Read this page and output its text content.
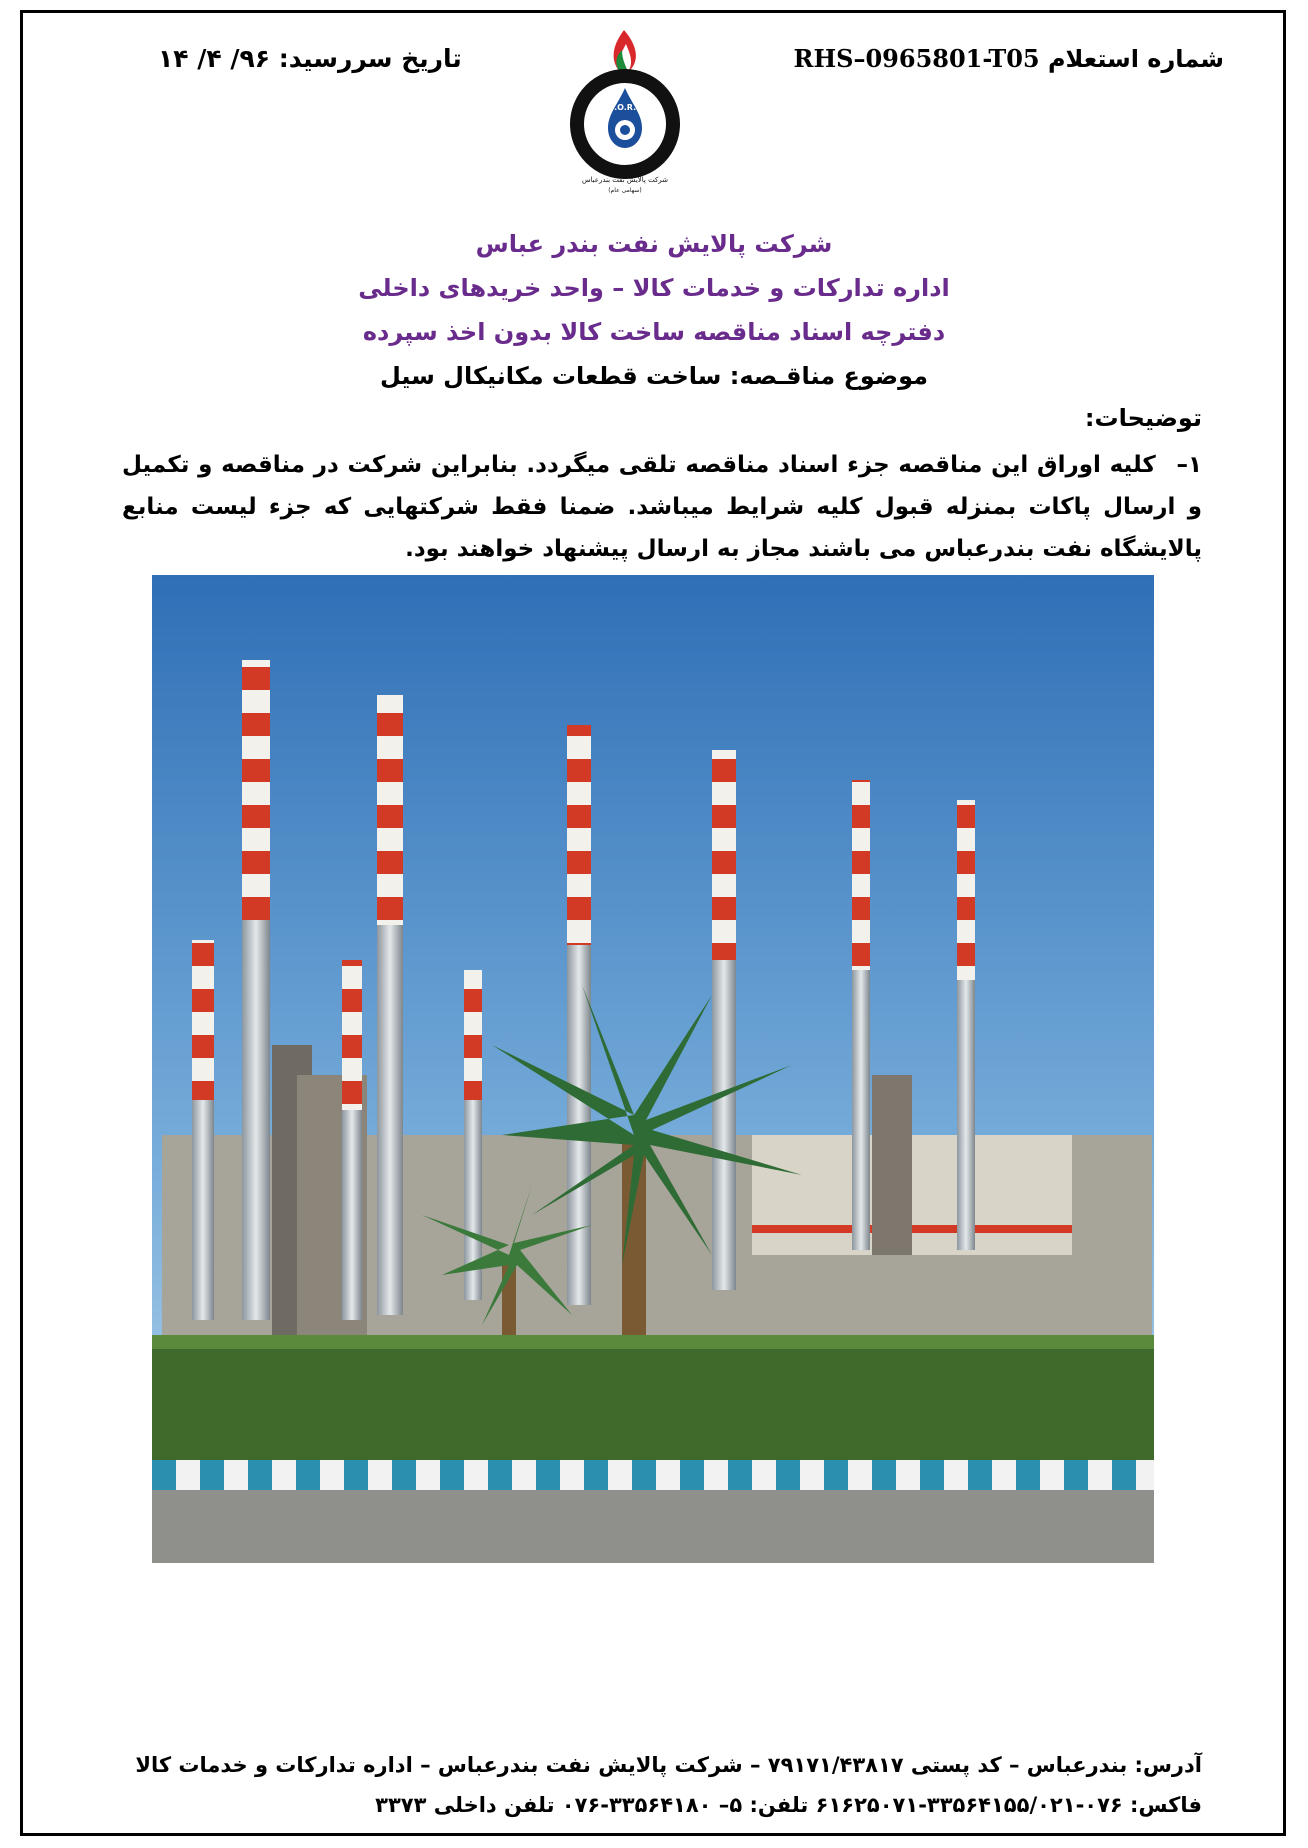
شماره استعلام RHS–0965801-T05
تاریخ سررسید: ۹۶/ ۴/ ۱۴
B.O.R.C
شرکت پالایش نفت بندرعباس
(سهامی عام)
شرکت پالایش نفت بندر عباس
اداره تدارکات و خدمات کالا – واحد خریدهای داخلی
دفترچه اسناد مناقصه ساخت کالا بدون اخذ سپرده
موضوع مناقـصه: ساخت قطعات مکانیکال سیل
توضیحات:
۱– کلیه اوراق این مناقصه جزء اسناد مناقصه تلقی میگردد. بنابراین شرکت در مناقصه و تکمیل و ارسال پاکات بمنزله قبول کلیه شرایط میباشد. ضمنا فقط شرکتهایی که جزء لیست منابع پالایشگاه نفت بندرعباس می باشند مجاز به ارسال پیشنهاد خواهند بود.
آدرس: بندرعباس – کد پستی ۷۹۱۷۱/۴۳۸۱۷ – شرکت پالایش نفت بندرعباس – اداره تدارکات و خدمات کالا
فاکس: ۰۷۶-۳۳۵۶۴۱۵۵/۰۲۱-۶۱۶۲۵۰۷۱ تلفن: ۵– ۳۳۵۶۴۱۸۰-۰۷۶ تلفن داخلی ۳۳۷۳
